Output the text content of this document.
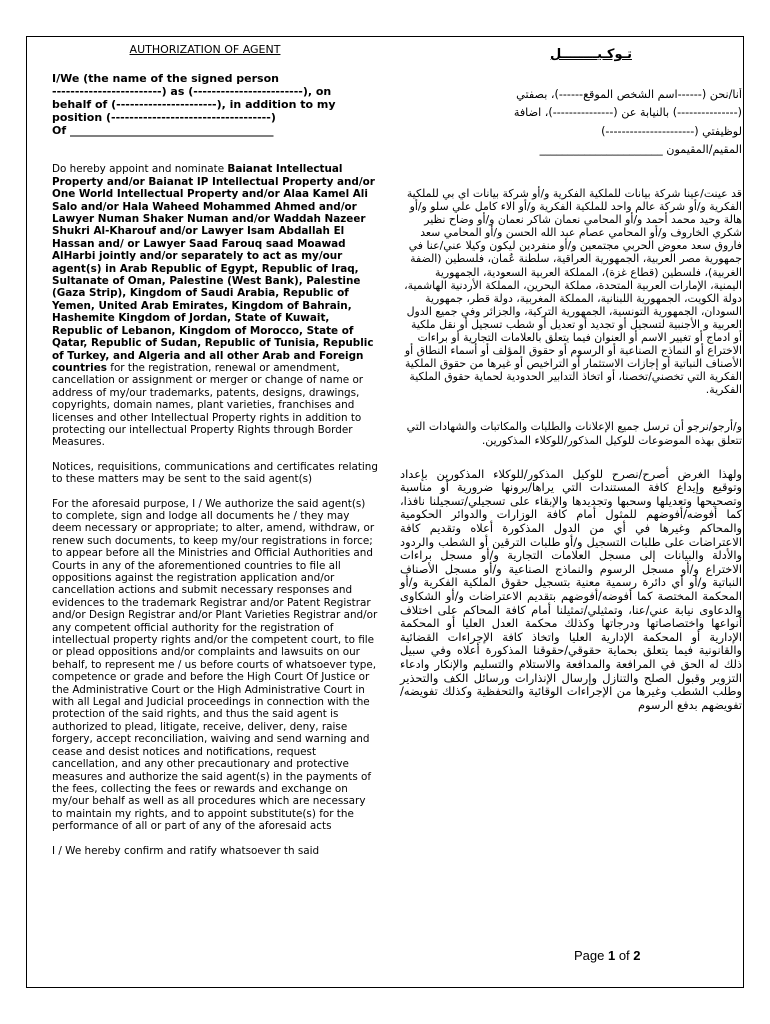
AUTHORIZATION OF AGENT
I/We (the name of the signed person
------------------------) as (------------------------), on
behalf of (----------------------), in addition to my
position (-----------------------------------)
Of _____________________________________

Do hereby appoint and nominate Baianat Intellectual Property and/or Baianat IP Intellectual Property and/or One World Intellectual Property and/or Alaa Kamel Ali Salo and/or Hala Waheed Mohammed Ahmed and/or Lawyer Numan Shaker Numan and/or Waddah Nazeer Shukri Al-Kharouf and/or Lawyer Isam Abdallah El Hassan and/ or Lawyer Saad Farouq saad Moawad AlHarbi jointly and/or separately to act as my/our agent(s) in Arab Republic of Egypt, Republic of Iraq, Sultanate of Oman, Palestine (West Bank), Palestine (Gaza Strip), Kingdom of Saudi Arabia, Republic of Yemen, United Arab Emirates, Kingdom of Bahrain, Hashemite Kingdom of Jordan, State of Kuwait, Republic of Lebanon, Kingdom of Morocco, State of Qatar, Republic of Sudan, Republic of Tunisia, Republic of Turkey, and Algeria and all other Arab and Foreign countries for the registration, renewal or amendment, cancellation or assignment or merger or change of name or address of my/our trademarks, patents, designs, drawings, copyrights, domain names, plant varieties, franchises and licenses and other Intellectual Property rights in addition to protecting our intellectual Property Rights through Border Measures.

Notices, requisitions, communications and certificates relating to these matters may be sent to the said agent(s)

For the aforesaid purpose, I / We authorize the said agent(s) to complete, sign and lodge all documents he / they may deem necessary or appropriate; to alter, amend, withdraw, or renew such documents, to keep my/our registrations in force; to appear before all the Ministries and Official Authorities and Courts in any of the aforementioned countries to file all oppositions against the registration application and/or cancellation actions and submit necessary responses and evidences to the trademark Registrar and/or Patent Registrar and/or Design Registrar and/or Plant Varieties Registrar and/or any competent official authority for the registration of intellectual property rights and/or the competent court, to file or plead oppositions and/or complaints and lawsuits on our behalf, to represent me / us before courts of whatsoever type, competence or grade and before the High Court Of Justice or the Administrative Court or the High Administrative Court in with all Legal and Judicial proceedings in connection with the protection of the said rights, and thus the said agent is authorized to plead, litigate, receive, deliver, deny, raise forgery, accept reconciliation, waiving and send warning and cease and desist notices and notifications, request cancellation, and any other precautionary and protective measures and authorize the said agent(s) in the payments of the fees, collecting the fees or rewards and exchange on my/our behalf as well as all procedures which are necessary to maintain my rights, and to appoint substitute(s) for the performance of all or part of any of the aforesaid acts

I / We hereby confirm and ratify whatsoever th said

تـوكـيــــــــل
أنا/نحن (------اسم الشخص الموقع------)، بصفتي
(---------------) بالنيابة عن (---------------)، اضافة
لوظيفتي (----------------------)
المقيم/المقيمون ______________________

قد عينت/عينا شركة بيانات للملكية الفكرية و/أو شركة بيانات اي بي للملكية الفكرية و/أو شركة عالم واحد للملكية الفكرية و/أو الاء كامل علي سلو و/أو هالة وحيد محمد أحمد و/أو المحامي نعمان شاكر نعمان و/أو وضاح نظير شكري الخاروف و/أو المحامي عصام عبد الله الحسن و/أو المحامي سعد فاروق سعد معوض الحربي مجتمعين و/أو منفردين ليكون وكيلا عني/عنا في جمهورية مصر العربية، الجمهورية العراقية، سلطنة عُمان، فلسطين (الضفة الغربية)، فلسطين (قطاع غزة)، المملكة العربية السعودية، الجمهورية اليمنية، الإمارات العربية المتحدة، مملكة البحرين، المملكة الأردنية الهاشمية، دولة الكويت، الجمهورية اللبنانية، المملكة المغربية، دولة قطر، جمهورية السودان، الجمهورية التونسية، الجمهورية التركية، والجزائر وفي جميع الدول العربية و الأجنبية لتسجيل أو تجديد أو تعديل أو شطب تسجيل أو نقل ملكية أو ادماج أو تغيير الاسم أو العنوان فيما يتعلق بالعلامات التجارية أو براءات الاختراع أو النماذج الصناعية أو الرسوم أو حقوق المؤلف أو أسماء النطاق أو الأصناف النباتية أو إجازات الاستثمار أو التراخيص أو غيرها من حقوق الملكية الفكرية التي تخصني/تخصنا، أو اتخاذ التدابير الحدودية لحماية حقوق الملكية الفكرية.

و/أرجو/نرجو أن ترسل جميع الإعلانات والطلبات والمكاتبات والشهادات التي تتعلق بهذه الموضوعات للوكيل المذكور/للوكلاء المذكورين.

ولهذا الغرض أصرح/نصرح للوكيل المذكور/للوكلاء المذكورين بإعداد وتوقيع وإيداع كافة المستندات التي يراها/يرونها ضرورية أو مناسبة وتصحيحها وتعديلها وسحبها وتجديدها والإبقاء على تسجيلي/تسجيلنا نافذا، كما أفوضه/أفوضهم للمثول أمام كافة الوزارات والدوائر الحكومية والمحاكم وغيرها في أي من الدول المذكورة أعلاه وتقديم كافة الاعتراضات على طلبات التسجيل و/أو طلبات الترقين أو الشطب والردود والأدلة والبيانات إلى مسجل العلامات التجارية و/أو مسجل براءات الاختراع و/أو مسجل الرسوم والنماذج الصناعية و/أو مسجل الأصناف النباتية و/أو أي دائرة رسمية معنية بتسجيل حقوق الملكية الفكرية و/أو المحكمة المختصة كما أفوضه/أفوضهم بتقديم الاعتراضات و/أو الشكاوى والدعاوى نيابة عني/عنا، وتمثيلي/تمثيلنا أمام كافة المحاكم على اختلاف أنواعها واختصاصاتها ودرجاتها وكذلك محكمة العدل العليا أو المحكمة الإدارية أو المحكمة الإدارية العليا واتخاذ كافة الإجراءات القضائية والقانونية فيما يتعلق بحماية حقوقي/حقوقنا المذكورة أعلاه وفي سبيل ذلك له الحق في المرافعة والمدافعة والاستلام والتسليم والإنكار وادعاء التزوير وقبول الصلح والتنازل وإرسال الإنذارات ورسائل الكف والتحذير وطلب الشطب وغيرها من الإجراءات الوقائية والتحفظية وكذلك تفويضه/تفويضهم بدفع الرسوم

Page 1 of 2
